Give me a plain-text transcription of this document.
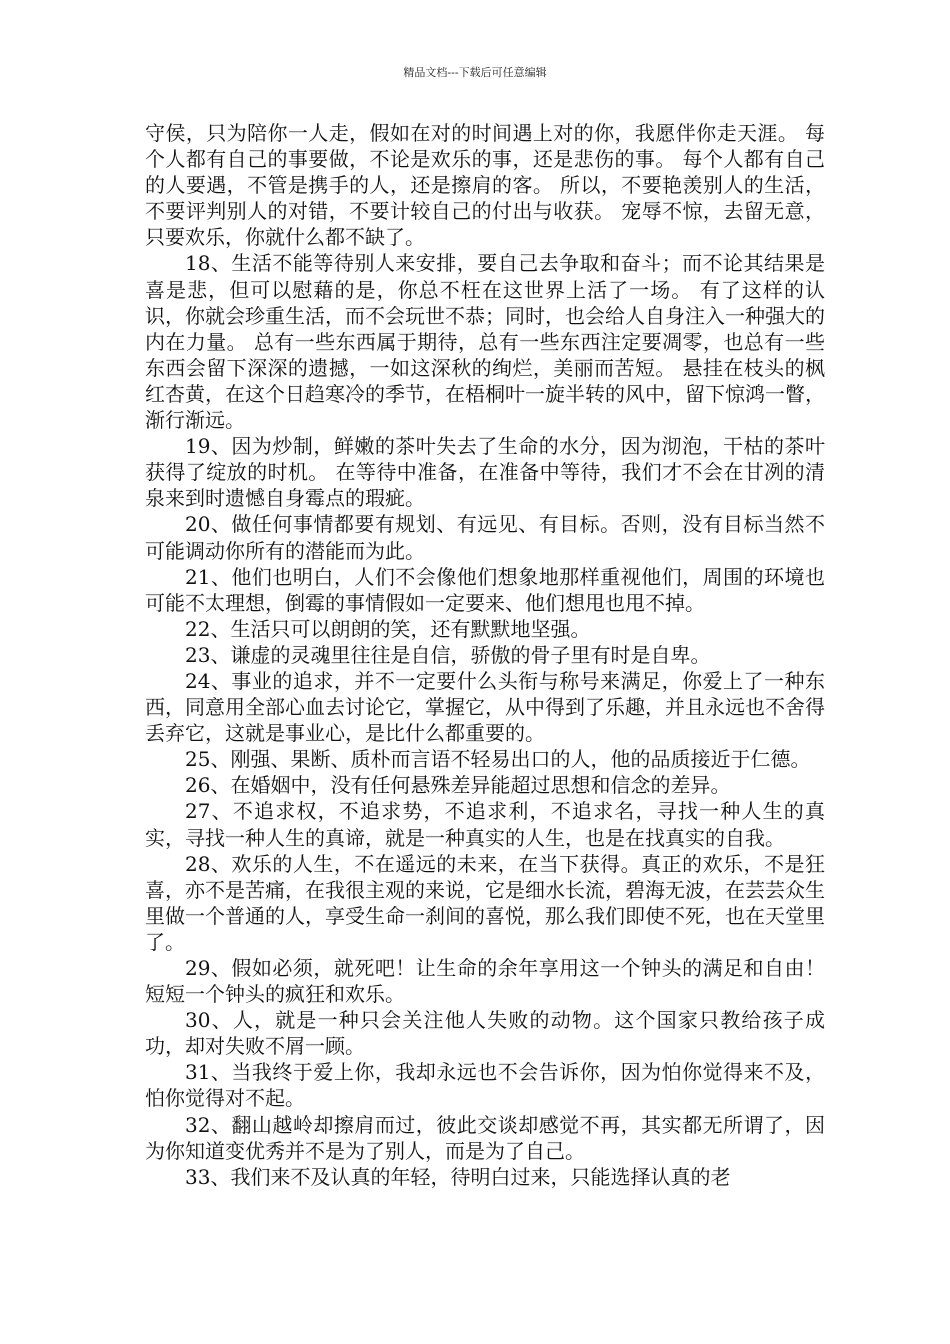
精品文档---下载后可任意编辑

守侯，只为陪你一人走，假如在对的时间遇上对的你，我愿伴你走天涯。 每个人都有自己的事要做，不论是欢乐的事，还是悲伤的事。 每个人都有自己的人要遇，不管是携手的人，还是擦肩的客。 所以，不要艳羡别人的生活，不要评判别人的对错，不要计较自己的付出与收获。 宠辱不惊，去留无意，只要欢乐，你就什么都不缺了。

18、生活不能等待别人来安排，要自己去争取和奋斗；而不论其结果是喜是悲，但可以慰藉的是，你总不枉在这世界上活了一场。 有了这样的认识，你就会珍重生活，而不会玩世不恭；同时，也会给人自身注入一种强大的内在力量。 总有一些东西属于期待，总有一些东西注定要凋零，也总有一些东西会留下深深的遗撼，一如这深秋的绚烂，美丽而苦短。 悬挂在枝头的枫红杏黄，在这个日趋寒冷的季节，在梧桐叶一旋半转的风中，留下惊鸿一瞥，渐行渐远。

19、因为炒制，鲜嫩的茶叶失去了生命的水分，因为沏泡，干枯的茶叶获得了绽放的时机。 在等待中准备，在准备中等待，我们才不会在甘冽的清泉来到时遗憾自身霉点的瑕疵。

20、做任何事情都要有规划、有远见、有目标。否则，没有目标当然不可能调动你所有的潜能而为此。

21、他们也明白，人们不会像他们想象地那样重视他们，周围的环境也可能不太理想，倒霉的事情假如一定要来、他们想甩也甩不掉。

22、生活只可以朗朗的笑，还有默默地坚强。

23、谦虚的灵魂里往往是自信，骄傲的骨子里有时是自卑。

24、事业的追求，并不一定要什么头衔与称号来满足，你爱上了一种东西，同意用全部心血去讨论它，掌握它，从中得到了乐趣，并且永远也不舍得丢弃它，这就是事业心，是比什么都重要的。

25、刚强、果断、质朴而言语不轻易出口的人，他的品质接近于仁德。

26、在婚姻中，没有任何悬殊差异能超过思想和信念的差异。

27、不追求权，不追求势，不追求利，不追求名，寻找一种人生的真实，寻找一种人生的真谛，就是一种真实的人生，也是在找真实的自我。

28、欢乐的人生，不在遥远的未来，在当下获得。真正的欢乐，不是狂喜，亦不是苦痛，在我很主观的来说，它是细水长流，碧海无波，在芸芸众生里做一个普通的人，享受生命一刹间的喜悦，那么我们即使不死，也在天堂里了。

29、假如必须，就死吧！让生命的余年享用这一个钟头的满足和自由！短短一个钟头的疯狂和欢乐。

30、人，就是一种只会关注他人失败的动物。这个国家只教给孩子成功，却对失败不屑一顾。

31、当我终于爱上你，我却永远也不会告诉你，因为怕你觉得来不及，怕你觉得对不起。

32、翻山越岭却擦肩而过，彼此交谈却感觉不再，其实都无所谓了，因为你知道变优秀并不是为了别人，而是为了自己。

33、我们来不及认真的年轻，待明白过来，只能选择认真的老
